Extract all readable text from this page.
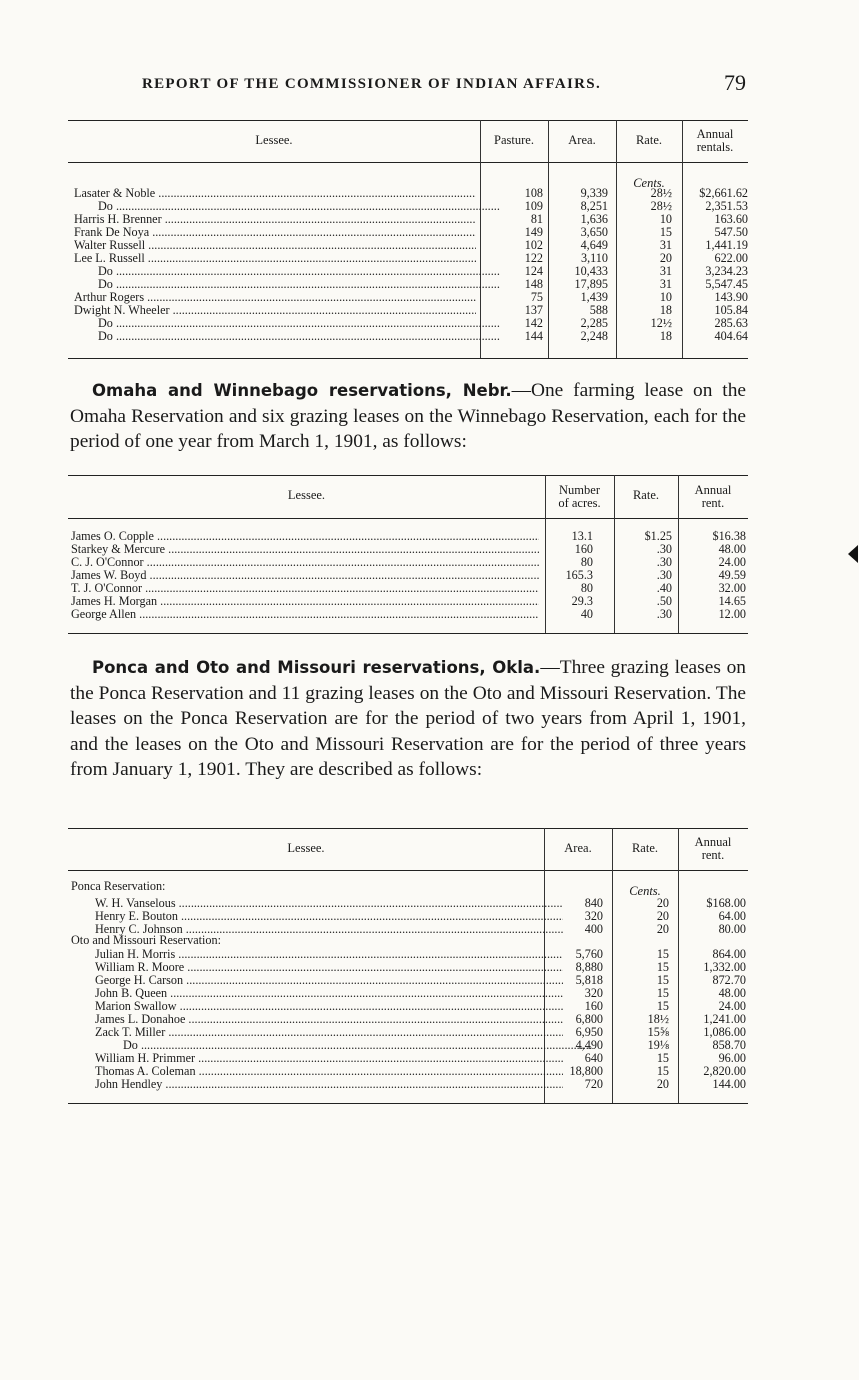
REPORT OF THE COMMISSIONER OF INDIAN AFFAIRS.	79
Lessee.	Pasture.	Area.	Rate.	Annual
rentals.
Cents.
Lasater & Noble .....	108	9,339	28½ $2,661.62
Do .....	109	8,251	28½	2,351.53
Harris H. Brenner .....	81	1,636	10	163.60
Frank De Noya .....	149	3,650	15	547.50
Walter Russell .....	102	4,649	31	1,441.19
Lee L. Russell .....	122	3,110	20	622.00
Do .....	124	10,433	31	3,234.23
Do .....	148	17,895	31	5,547.45
Arthur Rogers .....	75	1,439	10	143.90
Dwight N. Wheeler .....	137	588	18	105.84
Do .....	142	2,285	12½	285.63
Do .....	144	2,248	18	404.64
Omaha and Winnebago reservations, Nebr.—One farming lease on the Omaha Reservation and six grazing leases on the Winnebago Reservation, each for the period of one year from March 1, 1901, as follows:
Lessee.	Number
of acres.
Rate.	Annual
rent.
James O. Copple .....	13.1	$1.25	$16.38
Starkey & Mercure .....	160	.30	48.00
C. J. O'Connor .....	80	.30	24.00
James W. Boyd .....	165.3	.30	49.59
T. J. O'Connor .....	80	.40	32.00
James H. Morgan .....	29.3	.50	14.65
George Allen .....	40	.30	12.00
Ponca and Oto and Missouri reservations, Okla.—Three grazing leases on the Ponca Reservation and 11 grazing leases on the Oto and Missouri Reservation. The leases on the Ponca Reservation are for the period of two years from April 1, 1901, and the leases on the Oto and Missouri Reservation are for the period of three years from January 1, 1901. They are described as follows:
Lessee.	Area.	Rate.	Annual
rent.
Ponca Reservation:	Cents.
W. H. Vanselous .....	840	20	$168.00
Henry E. Bouton .....	320	20	64.00
Henry C. Johnson .....	400	20	80.00
Oto and Missouri Reservation:
Julian H. Morris .....	5,760	15	864.00
William R. Moore .....	8,880	15	1,332.00
George H. Carson .....	5,818	15	872.70
John B. Queen .....	320	15	48.00
Marion Swallow .....	160	15	24.00
James L. Donahoe .....	6,800	18½	1,241.00
Zack T. Miller .....	6,950	15⅝	1,086.00
Do .....	4,490	19⅛	858.70
William H. Primmer .....	640	15	96.00
Thomas A. Coleman .....	18,800	15	2,820.00
John Hendley .....	720	20	144.00
